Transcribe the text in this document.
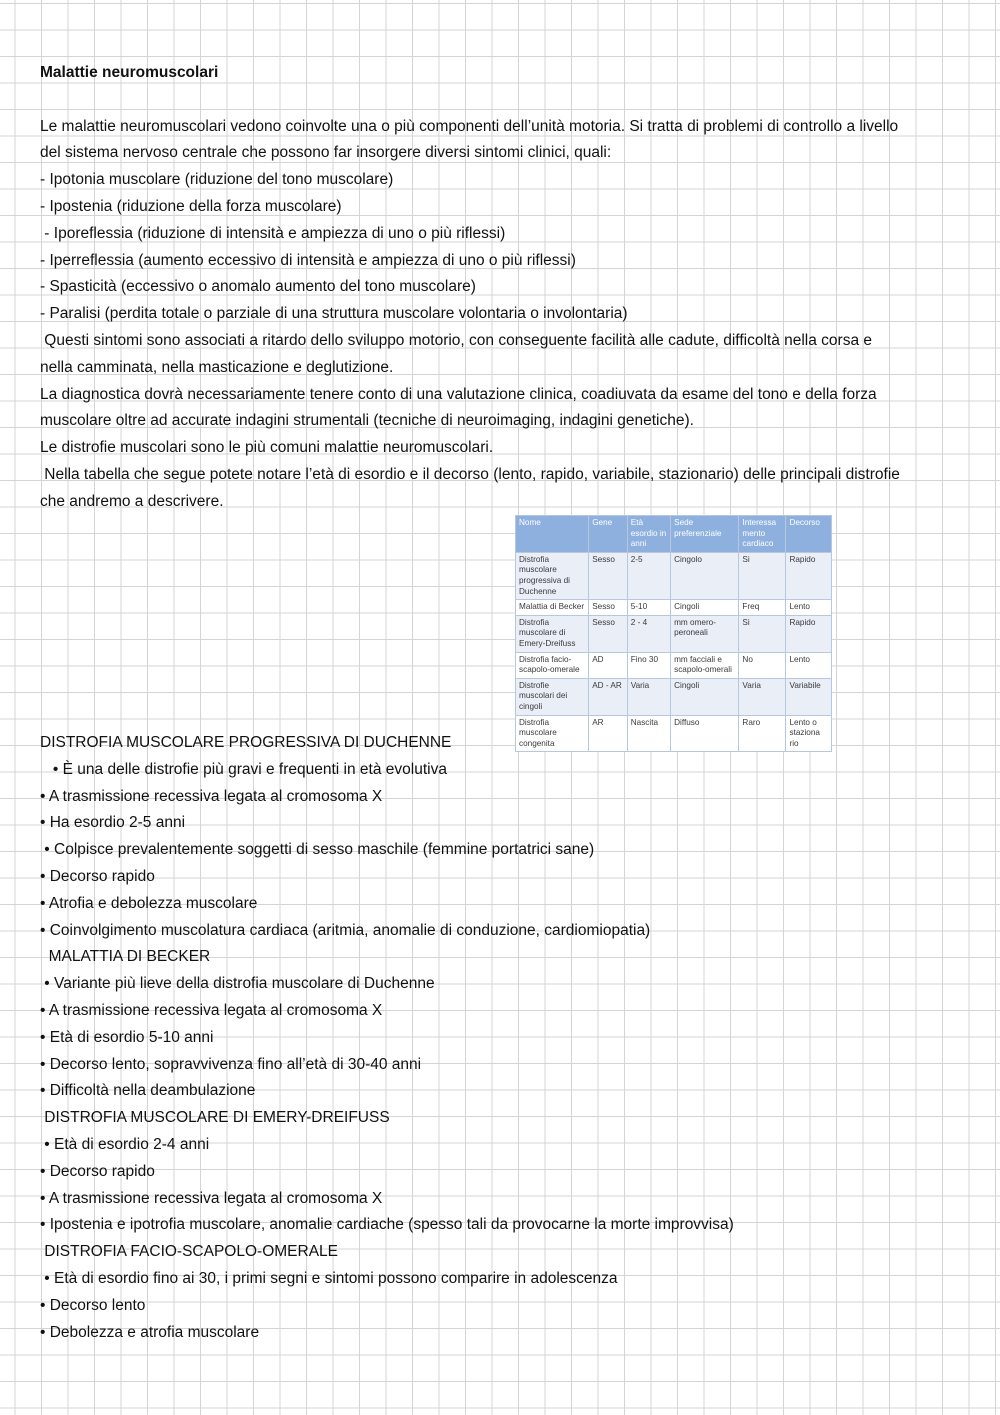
Malattie neuromuscolari

Le malattie neuromuscolari vedono coinvolte una o più componenti dell’unità motoria. Si tratta di problemi di controllo a livello

del sistema nervoso centrale che possono far insorgere diversi sintomi clinici, quali:

- Ipotonia muscolare (riduzione del tono muscolare)

- Ipostenia (riduzione della forza muscolare)

- Iporeflessia (riduzione di intensità e ampiezza di uno o più riflessi)

- Iperreflessia (aumento eccessivo di intensità e ampiezza di uno o più riflessi)

- Spasticità (eccessivo o anomalo aumento del tono muscolare)

- Paralisi (perdita totale o parziale di una struttura muscolare volontaria o involontaria)

Questi sintomi sono associati a ritardo dello sviluppo motorio, con conseguente facilità alle cadute, difficoltà nella corsa e

nella camminata, nella masticazione e deglutizione.

La diagnostica dovrà necessariamente tenere conto di una valutazione clinica, coadiuvata da esame del tono e della forza

muscolare oltre ad accurate indagini strumentali (tecniche di neuroimaging, indagini genetiche).

Le distrofie muscolari sono le più comuni malattie neuromuscolari.

Nella tabella che segue potete notare l’età di esordio e il decorso (lento, rapido, variabile, stazionario) delle principali distrofie

che andremo a descrivere.

Nome	Gene	Età esordio in anni	Sede preferenziale	Interessa mento cardiaco	Decorso
Distrofia muscolare progressiva di Duchenne	Sesso	2-5	Cingolo	Si	Rapido
Malattia di Becker	Sesso	5-10	Cingoli	Freq	Lento
Distrofia muscolare di Emery-Dreifuss	Sesso	2 - 4	mm omero-peroneali	Si	Rapido
Distrofia facio-scapolo-omerale	AD	Fino 30	mm facciali e scapolo-omerali	No	Lento
Distrofie muscolari dei cingoli	AD - AR	Varia	Cingoli	Varia	Variabile
Distrofia muscolare congenita	AR	Nascita	Diffuso	Raro	Lento o staziona rio

DISTROFIA MUSCOLARE PROGRESSIVA DI DUCHENNE

• È una delle distrofie più gravi e frequenti in età evolutiva

• A trasmissione recessiva legata al cromosoma X

• Ha esordio 2-5 anni

• Colpisce prevalentemente soggetti di sesso maschile (femmine portatrici sane)

• Decorso rapido

• Atrofia e debolezza muscolare

• Coinvolgimento muscolatura cardiaca (aritmia, anomalie di conduzione, cardiomiopatia)

MALATTIA DI BECKER

• Variante più lieve della distrofia muscolare di Duchenne

• A trasmissione recessiva legata al cromosoma X

• Età di esordio 5-10 anni

• Decorso lento, sopravvivenza fino all’età di 30-40 anni

• Difficoltà nella deambulazione

DISTROFIA MUSCOLARE DI EMERY-DREIFUSS

• Età di esordio 2-4 anni

• Decorso rapido

• A trasmissione recessiva legata al cromosoma X

• Ipostenia e ipotrofia muscolare, anomalie cardiache (spesso tali da provocarne la morte improvvisa)

DISTROFIA FACIO-SCAPOLO-OMERALE

• Età di esordio fino ai 30, i primi segni e sintomi possono comparire in adolescenza

• Decorso lento

• Debolezza e atrofia muscolare
